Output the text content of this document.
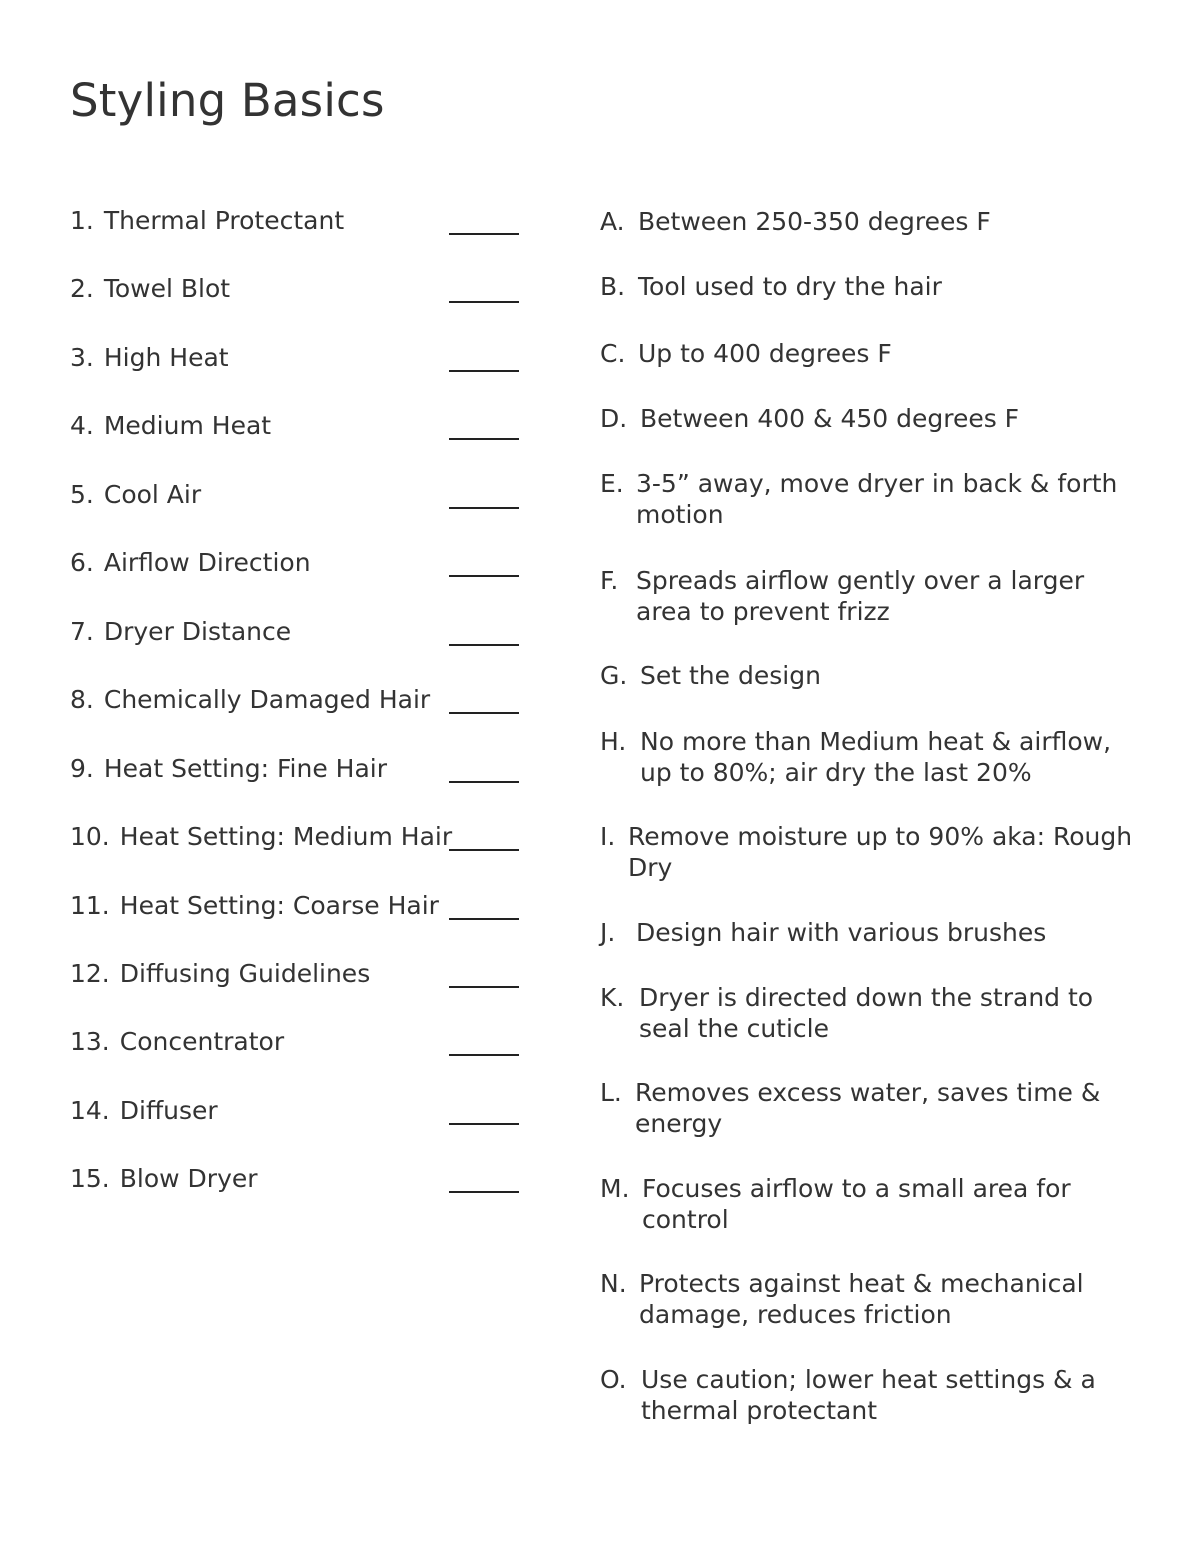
Styling Basics
1. Thermal Protectant
2. Towel Blot
3. High Heat
4. Medium Heat
5. Cool Air
6. Airflow Direction
7. Dryer Distance
8. Chemically Damaged Hair
9. Heat Setting: Fine Hair
10. Heat Setting: Medium Hair
11. Heat Setting: Coarse Hair
12. Diffusing Guidelines
13. Concentrator
14. Diffuser
15. Blow Dryer
A. Between 250-350 degrees F
B. Tool used to dry the hair
C. Up to 400 degrees F
D. Between 400 & 450 degrees F
E. 3-5” away, move dryer in back & forth motion
F. Spreads airflow gently over a larger area to prevent frizz
G. Set the design
H. No more than Medium heat & airflow, up to 80%; air dry the last 20%
I. Remove moisture up to 90% aka: Rough Dry
J. Design hair with various brushes
K. Dryer is directed down the strand to seal the cuticle
L. Removes excess water, saves time & energy
M. Focuses airflow to a small area for control
N. Protects against heat & mechanical damage, reduces friction
O. Use caution; lower heat settings & a thermal protectant
